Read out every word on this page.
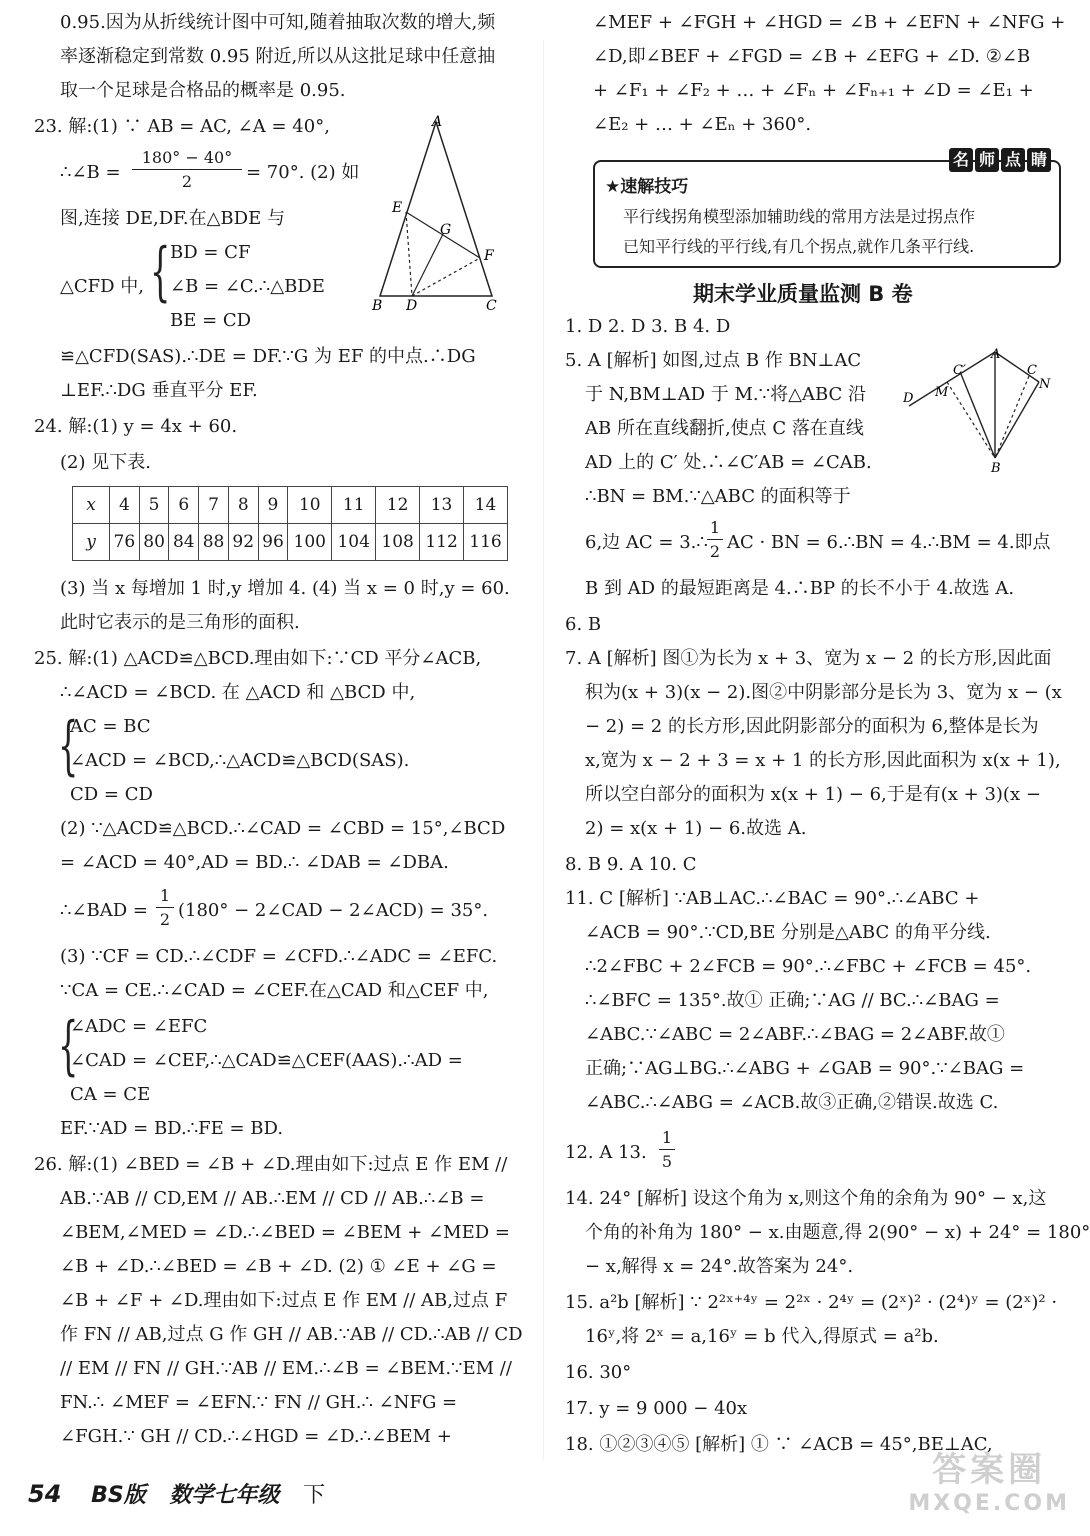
0.95.因为从折线统计图中可知,随着抽取次数的增大,频
率逐渐稳定到常数 0.95 附近,所以从这批足球中任意抽
取一个足球是合格品的概率是 0.95.
23. 解:(1) ∵ AB = AC, ∠A = 40°,
∴∠B =
180° − 40°
2	= 70°. (2) 如
图,连接 DE,DF.在△BDE 与
{ BD = CF
△CFD 中, ∠B = ∠C.∴△BDE
BE = CD
A
E
G
F
B D	C
≌△CFD(SAS).∴DE = DF.∵G 为 EF 的中点.∴DG
⊥EF.∴DG 垂直平分 EF.
24. 解:(1) y = 4x + 60.
(2) 见下表.
x	4	5	6	7	8	9	10	11	12	13	14
y	76	80	84	88	92	96	100	104	108	112	116
(3) 当 x 每增加 1 时,y 增加 4. (4) 当 x = 0 时,y = 60.
此时它表示的是三角形的面积.
25. 解:(1) △ACD≌△BCD.理由如下:∵CD 平分∠ACB,
∴∠ACD = ∠BCD. 在 △ACD 和 △BCD 中,
{
AC = BC
∠ACD = ∠BCD,∴△ACD≌△BCD(SAS).
CD = CD
(2) ∵△ACD≌△BCD.∴∠CAD = ∠CBD = 15°,∠BCD
= ∠ACD = 40°,AD = BD.∴ ∠DAB = ∠DBA.
∴∠BAD =
1
2 (180° − 2∠CAD − 2∠ACD) = 35°.
(3) ∵CF = CD.∴∠CDF = ∠CFD.∴∠ADC = ∠EFC.
∵CA = CE.∴∠CAD = ∠CEF.在△CAD 和△CEF 中,
{
∠ADC = ∠EFC
∠CAD = ∠CEF,∴△CAD≌△CEF(AAS).∴AD =
CA = CE
EF.∵AD = BD.∴FE = BD.
26. 解:(1) ∠BED = ∠B + ∠D.理由如下:过点 E 作 EM //
AB.∵AB // CD,EM // AB.∴EM // CD // AB.∴∠B =
∠BEM,∠MED = ∠D.∴∠BED = ∠BEM + ∠MED =
∠B + ∠D.∴∠BED = ∠B + ∠D. (2) ① ∠E + ∠G =
∠B + ∠F + ∠D.理由如下:过点 E 作 EM // AB,过点 F
作 FN // AB,过点 G 作 GH // AB.∵AB // CD.∴AB // CD
// EM // FN // GH.∵AB // EM.∴∠B = ∠BEM.∵EM //
FN.∴ ∠MEF = ∠EFN.∵ FN // GH.∴ ∠NFG =
∠FGH.∵ GH // CD.∴∠HGD = ∠D.∴∠BEM +
∠MEF + ∠FGH + ∠HGD = ∠B + ∠EFN + ∠NFG +
∠D,即∠BEF + ∠FGD = ∠B + ∠EFG + ∠D. ②∠B
+ ∠F₁ + ∠F₂ + … + ∠Fₙ + ∠Fₙ₊₁ + ∠D = ∠E₁ +
∠E₂ + … + ∠Eₙ + 360°.
名 师 点 睛
★速解技巧
平行线拐角模型添加辅助线的常用方法是过拐点作
已知平行线的平行线,有几个拐点,就作几条平行线.
期末学业质量监测 B 卷
1. D 2. D 3. B 4. D
5. A [解析] 如图,过点 B 作 BN⊥AC
于 N,BM⊥AD 于 M.∵将△ABC 沿
AB 所在直线翻折,使点 C 落在直线
AD 上的 C′ 处.∴∠C′AB = ∠CAB.
∴BN = BM.∵△ABC 的面积等于
A
C
C′
N
D M
B
6,边 AC = 3.∴
1
2 AC · BN = 6.∴BN = 4.∴BM = 4.即点
B 到 AD 的最短距离是 4.∴BP 的长不小于 4.故选 A.
6. B
7. A [解析] 图①为长为 x + 3、宽为 x − 2 的长方形,因此面
积为(x + 3)(x − 2).图②中阴影部分是长为 3、宽为 x − (x
− 2) = 2 的长方形,因此阴影部分的面积为 6,整体是长为
x,宽为 x − 2 + 3 = x + 1 的长方形,因此面积为 x(x + 1),
所以空白部分的面积为 x(x + 1) − 6,于是有(x + 3)(x −
2) = x(x + 1) − 6.故选 A.
8. B 9. A 10. C
11. C [解析] ∵AB⊥AC.∴∠BAC = 90°.∴∠ABC +
∠ACB = 90°.∵CD,BE 分别是△ABC 的角平分线.
∴2∠FBC + 2∠FCB = 90°.∴∠FBC + ∠FCB = 45°.
∴∠BFC = 135°.故① 正确;∵AG // BC.∴∠BAG =
∠ABC.∵∠ABC = 2∠ABF.∴∠BAG = 2∠ABF.故①
正确;∵AG⊥BG.∴∠ABG + ∠GAB = 90°.∵∠BAG =
∠ABC.∴∠ABG = ∠ACB.故③正确,②错误.故选 C.
12. A 13.
1
5
14. 24° [解析] 设这个角为 x,则这个角的余角为 90° − x,这
个角的补角为 180° − x.由题意,得 2(90° − x) + 24° = 180°
− x,解得 x = 24°.故答案为 24°.
15. a²b [解析] ∵ 2²ˣ⁺⁴ʸ = 2²ˣ · 2⁴ʸ = (2ˣ)² · (2⁴)ʸ = (2ˣ)² ·
16ʸ,将 2ˣ = a,16ʸ = b 代入,得原式 = a²b.
16. 30°
17. y = 9 000 − 40x
18. ①②③④⑤ [解析] ① ∵ ∠ACB = 45°,BE⊥AC,
54 BS版 数学七年级 下
答案圈
MXQE.COM
